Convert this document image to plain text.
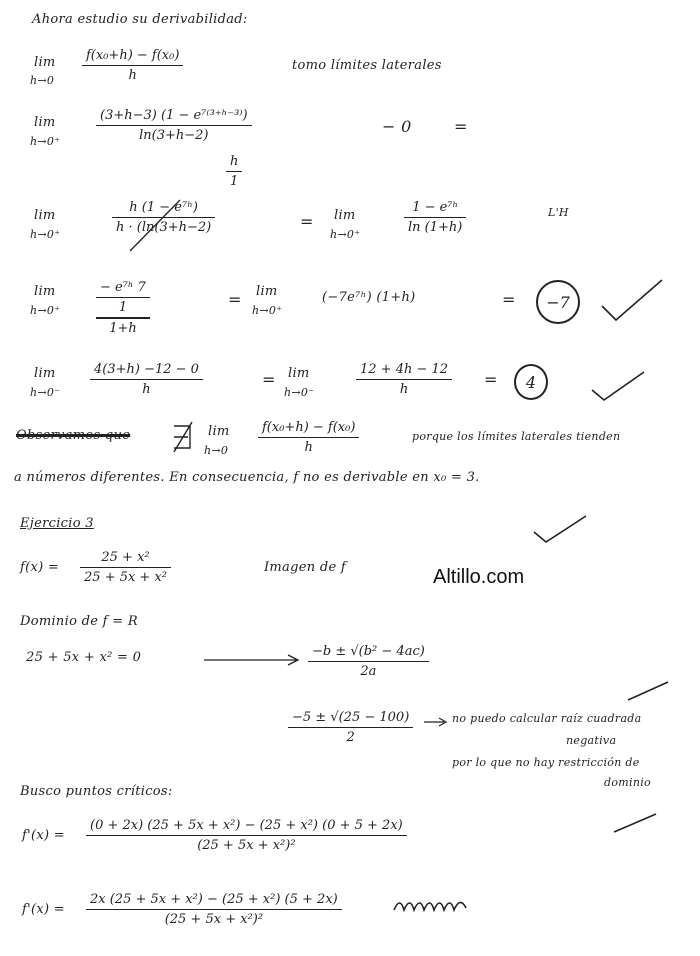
Ahora estudio su derivabilidad:
lim
h→0
f(x₀+h) − f(x₀)
h
tomo límites laterales
lim
h→0⁺
(3+h−3) (1 − e⁷⁽³⁺ʰ⁻³⁾)
ln(3+h−2)	− 0	=
h
1
lim
h→0⁺
h (1 − e⁷ʰ)
h · (ln(3+h−2)	= lim
h→0⁺
1 − e⁷ʰ
ln (1+h)
L'H
lim
h→0⁺
− e⁷ʰ 7
1
1+h
= lim
h→0⁺
(−7e⁷ʰ) (1+h)	=	−7
lim
h→0⁻
4(3+h) −12 − 0
h
= lim
h→0⁻
12 + 4h − 12
h
=	4
Observamos que	lim
h→0
f(x₀+h) − f(x₀)
h
porque los límites laterales tienden
a números diferentes. En consecuencia, f no es derivable en x₀ = 3.
Ejercicio 3
f(x) =
25 + x²
25 + 5x + x²
Imagen de f	Altillo.com
Dominio de f = R
25 + 5x + x² = 0	−b ± √(b² − 4ac)
2a
−5 ± √(25 − 100)
2
no puedo calcular raíz cuadrada
negativa
por lo que no hay restricción de
dominio
Busco puntos críticos:
f'(x) =
(0 + 2x) (25 + 5x + x²) − (25 + x²) (0 + 5 + 2x)
(25 + 5x + x²)²
f'(x) =
2x (25 + 5x + x²) − (25 + x²) (5 + 2x)
(25 + 5x + x²)²
